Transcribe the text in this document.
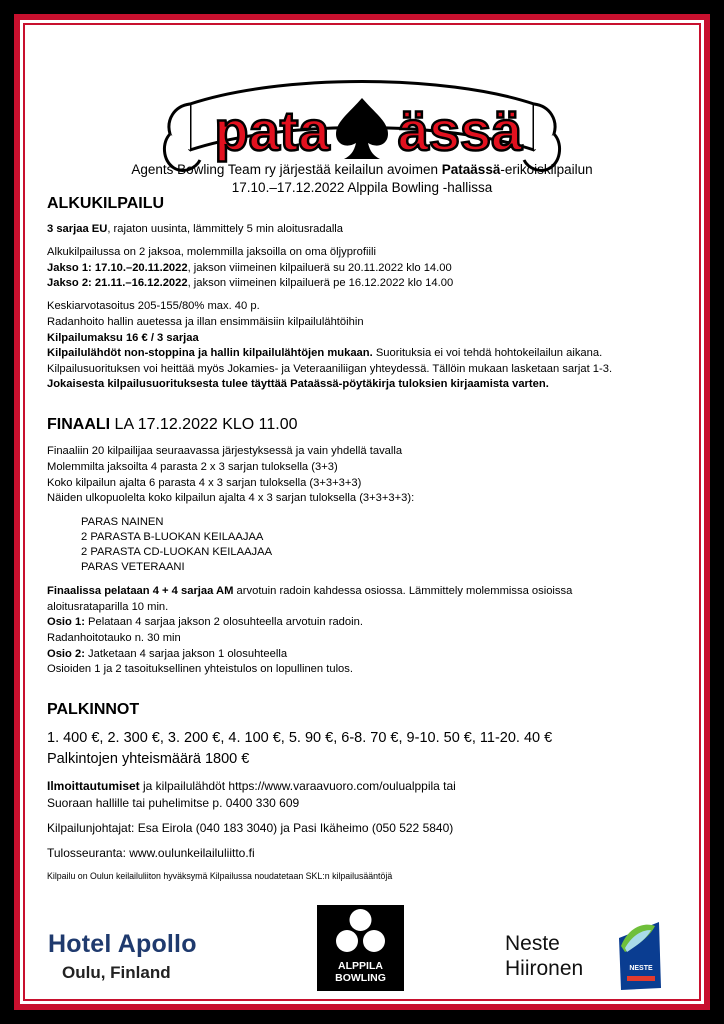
pata ässä
Agents Bowling Team ry järjestää keilailun avoimen Pataässä-erikoiskilpailun
17.10.–17.12.2022 Alppila Bowling -hallissa
ALKUKILPAILU
3 sarjaa EU, rajaton uusinta, lämmittely 5 min aloitusradalla
Alkukilpailussa on 2 jaksoa, molemmilla jaksoilla on oma öljyprofiili
Jakso 1: 17.10.–20.11.2022, jakson viimeinen kilpailuerä su 20.11.2022 klo 14.00
Jakso 2: 21.11.–16.12.2022, jakson viimeinen kilpailuerä pe 16.12.2022 klo 14.00
Keskiarvotasoitus 205-155/80% max. 40 p.
Radanhoito hallin auetessa ja illan ensimmäisiin kilpailulähtöihin
Kilpailumaksu 16 € / 3 sarjaa
Kilpailulähdöt non-stoppina ja hallin kilpailulähtöjen mukaan. Suorituksia ei voi tehdä hohtokeilailun aikana.
Kilpailusuorituksen voi heittää myös Jokamies- ja Veteraaniliigan yhteydessä. Tällöin mukaan lasketaan sarjat 1-3.
Jokaisesta kilpailusuorituksesta tulee täyttää Pataässä-pöytäkirja tuloksien kirjaamista varten.
FINAALI LA 17.12.2022 KLO 11.00
Finaaliin 20 kilpailijaa seuraavassa järjestyksessä ja vain yhdellä tavalla
Molemmilta jaksoilta 4 parasta 2 x 3 sarjan tuloksella (3+3)
Koko kilpailun ajalta 6 parasta 4 x 3 sarjan tuloksella (3+3+3+3)
Näiden ulkopuolelta koko kilpailun ajalta 4 x 3 sarjan tuloksella (3+3+3+3):
PARAS NAINEN
2 PARASTA B-LUOKAN KEILAAJAA
2 PARASTA CD-LUOKAN KEILAAJAA
PARAS VETERAANI
Finaalissa pelataan 4 + 4 sarjaa AM arvotuin radoin kahdessa osiossa. Lämmittely molemmissa osioissa
aloitusrataparilla 10 min.
Osio 1: Pelataan 4 sarjaa jakson 2 olosuhteella arvotuin radoin.
Radanhoitotauko n. 30 min
Osio 2: Jatketaan 4 sarjaa jakson 1 olosuhteella
Osioiden 1 ja 2 tasoituksellinen yhteistulos on lopullinen tulos.
PALKINNOT
1. 400 €, 2. 300 €, 3. 200 €, 4. 100 €, 5. 90 €, 6-8. 70 €, 9-10. 50 €, 11-20. 40 €
Palkintojen yhteismäärä 1800 €
Ilmoittautumiset ja kilpailulähdöt https://www.varaavuoro.com/oulualppila tai
Suoraan hallille tai puhelimitse p. 0400 330 609
Kilpailunjohtajat: Esa Eirola (040 183 3040) ja Pasi Ikäheimo (050 522 5840)
Tulosseuranta: www.oulunkeilailuliitto.fi
Kilpailu on Oulun keilailuliiton hyväksymä Kilpailussa noudatetaan SKL:n kilpailusääntöjä
Hotel Apollo
Oulu, Finland	ALPPILA
BOWLING
Neste
Hiironen	NESTE
